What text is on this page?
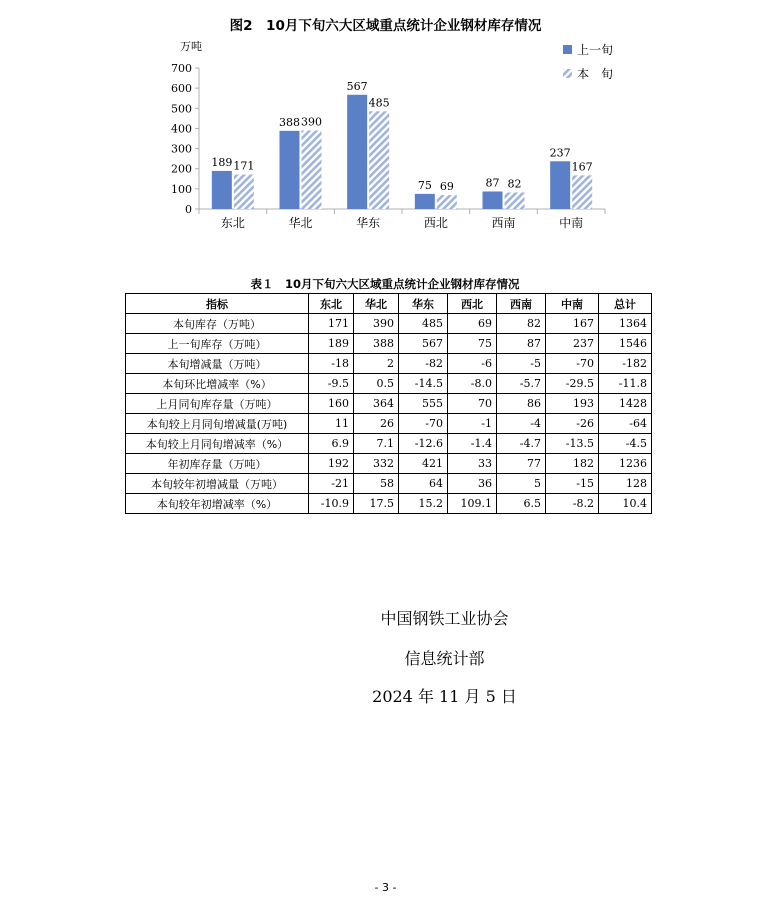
图2　10月下旬六大区域重点统计企业钢材库存情况
万吨
0
100
200
300
400
500
600
700
东北	华北	华东	西北	西南	中南
189 171
388 390
567
485
75 69	87 82
237
167
上一旬
本　旬
表１　10月下旬六大区域重点统计企业钢材库存情况
指标	东北	华北	华东	西北	西南	中南	总计
本旬库存（万吨）	171	390	485	69	82	167	1364
上一旬库存（万吨）	189	388	567	75	87	237	1546
本旬增减量（万吨）	-18	2	-82	-6	-5	-70	-182
本旬环比增减率（%）	-9.5	0.5	-14.5	-8.0	-5.7	-29.5	-11.8
上月同旬库存量（万吨）	160	364	555	70	86	193	1428
本旬较上月同旬增减量(万吨)	11	26	-70	-1	-4	-26	-64
本旬较上月同旬增减率（%）	6.9	7.1	-12.6	-1.4	-4.7	-13.5	-4.5
年初库存量（万吨）	192	332	421	33	77	182	1236
本旬较年初增减量（万吨）	-21	58	64	36	5	-15	128
本旬较年初增减率（%）	-10.9	17.5	15.2	109.1	6.5	-8.2	10.4
中国钢铁工业协会
信息统计部
2024 年 11 月 5 日
- 3 -
